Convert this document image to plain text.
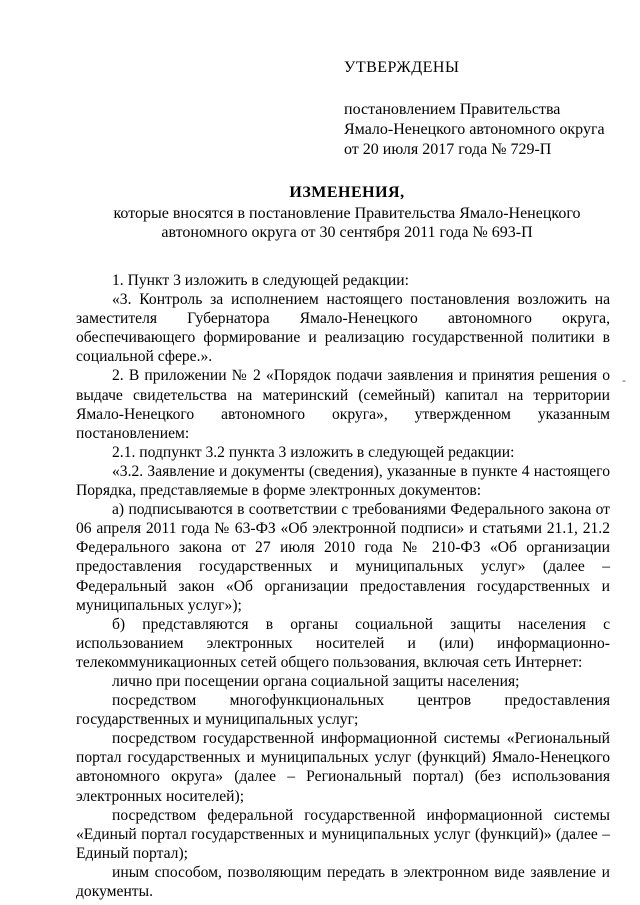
УТВЕРЖДЕНЫ
постановлением Правительства
Ямало-Ненецкого автономного округа
от 20 июля 2017 года № 729-П
ИЗМЕНЕНИЯ,
которые вносятся в постановление Правительства Ямало-Ненецкого автономного округа от 30 сентября 2011 года № 693-П

1. Пункт 3 изложить в следующей редакции:

«3. Контроль за исполнением настоящего постановления возложить на заместителя Губернатора Ямало-Ненецкого автономного округа, обеспечивающего формирование и реализацию государственной политики в социальной сфере.».

2. В приложении № 2 «Порядок подачи заявления и принятия решения о выдаче свидетельства на материнский (семейный) капитал на территории Ямало-Ненецкого автономного округа», утвержденном указанным постановлением:

2.1. подпункт 3.2 пункта 3 изложить в следующей редакции:

«3.2. Заявление и документы (сведения), указанные в пункте 4 настоящего Порядка, представляемые в форме электронных документов:

а) подписываются в соответствии с требованиями Федерального закона от 06 апреля 2011 года № 63-ФЗ «Об электронной подписи» и статьями 21.1, 21.2 Федерального закона от 27 июля 2010 года № 210-ФЗ «Об организации предоставления государственных и муниципальных услуг» (далее – Федеральный закон «Об организации предоставления государственных и муниципальных услуг»);

б) представляются в органы социальной защиты населения с использованием электронных носителей и (или) информационно-телекоммуникационных сетей общего пользования, включая сеть Интернет:

лично при посещении органа социальной защиты населения;

посредством многофункциональных центров предоставления государственных и муниципальных услуг;

посредством государственной информационной системы «Региональный портал государственных и муниципальных услуг (функций) Ямало-Ненецкого автономного округа» (далее – Региональный портал) (без использования электронных носителей);

посредством федеральной государственной информационной системы «Единый портал государственных и муниципальных услуг (функций)» (далее – Единый портал);

иным способом, позволяющим передать в электронном виде заявление и документы.

-
